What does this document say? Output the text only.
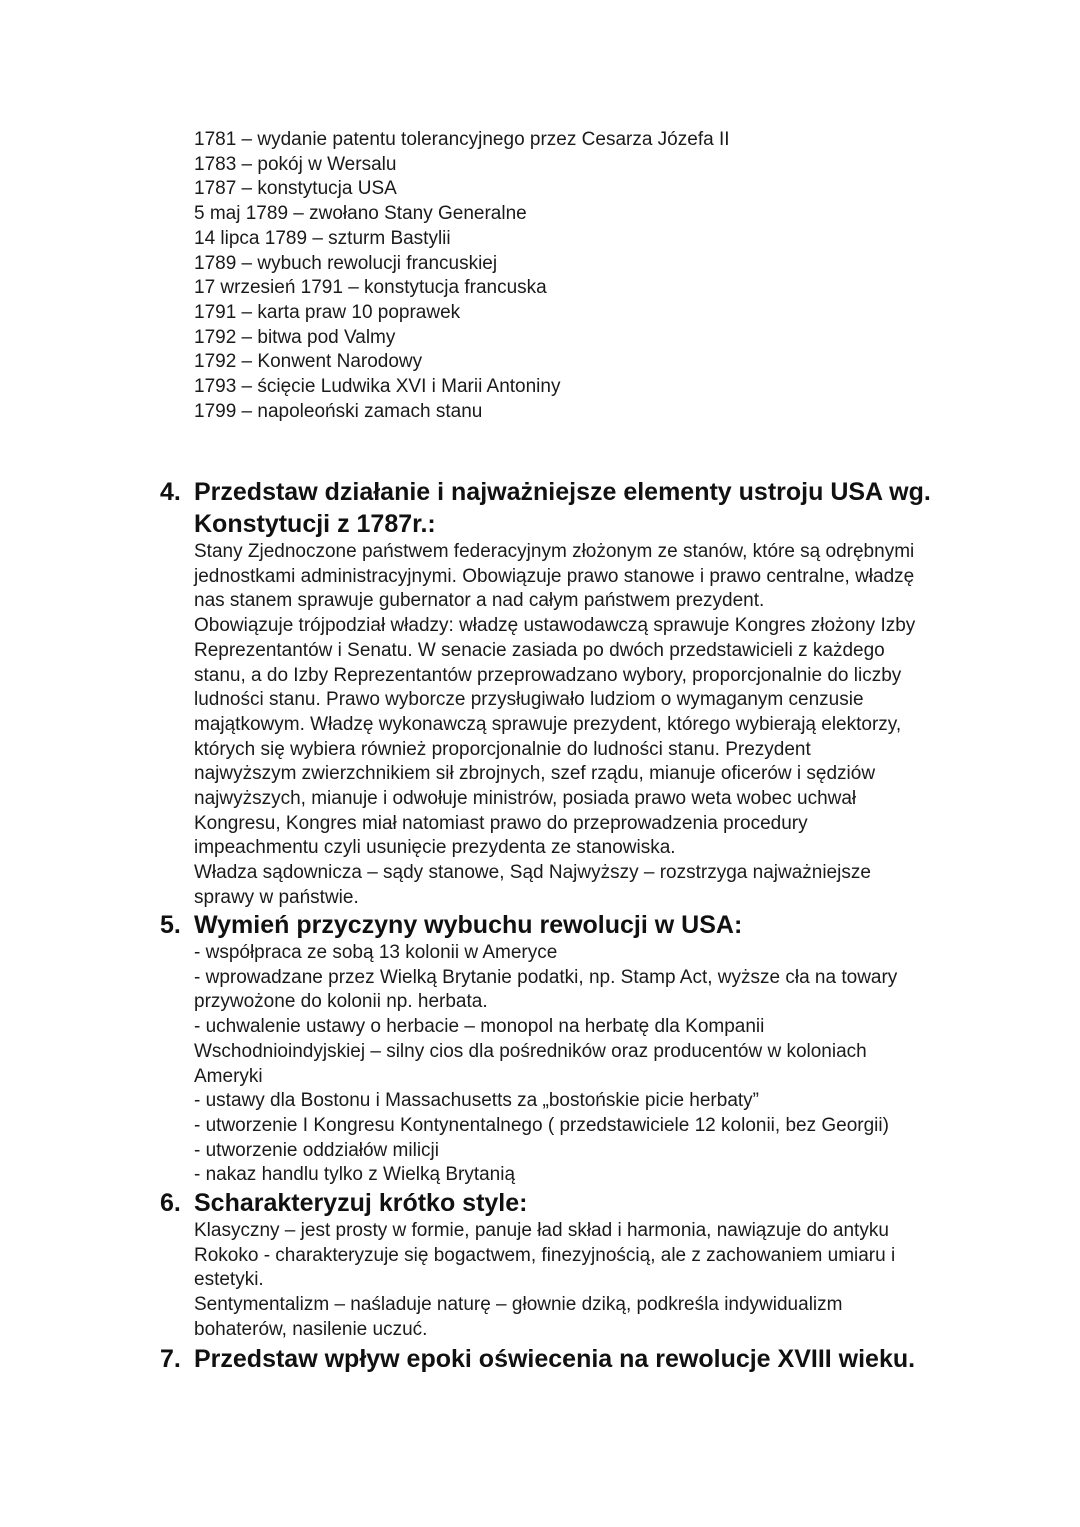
1781 – wydanie patentu tolerancyjnego przez Cesarza Józefa II
1783 – pokój w Wersalu
1787 – konstytucja USA
5 maj 1789 – zwołano Stany Generalne
14 lipca 1789 – szturm Bastylii
1789 – wybuch rewolucji francuskiej
17 wrzesień 1791 – konstytucja francuska
1791 – karta praw 10 poprawek
1792 – bitwa pod Valmy
1792 – Konwent Narodowy
1793 – ścięcie Ludwika XVI i Marii Antoniny
1799 – napoleoński zamach stanu
4. Przedstaw działanie i najważniejsze elementy ustroju USA wg.
Konstytucji z 1787r.:
Stany Zjednoczone państwem federacyjnym złożonym ze stanów, które są odrębnymi
jednostkami administracyjnymi. Obowiązuje prawo stanowe i prawo centralne, władzę
nas stanem sprawuje gubernator a nad całym państwem prezydent.
Obowiązuje trójpodział władzy: władzę ustawodawczą sprawuje Kongres złożony Izby
Reprezentantów i Senatu. W senacie zasiada po dwóch przedstawicieli z każdego
stanu, a do Izby Reprezentantów przeprowadzano wybory, proporcjonalnie do liczby
ludności stanu. Prawo wyborcze przysługiwało ludziom o wymaganym cenzusie
majątkowym. Władzę wykonawczą sprawuje prezydent, którego wybierają elektorzy,
których się wybiera również proporcjonalnie do ludności stanu. Prezydent
najwyższym zwierzchnikiem sił zbrojnych, szef rządu, mianuje oficerów i sędziów
najwyższych, mianuje i odwołuje ministrów, posiada prawo weta wobec uchwał
Kongresu, Kongres miał natomiast prawo do przeprowadzenia procedury
impeachmentu czyli usunięcie prezydenta ze stanowiska.
Władza sądownicza – sądy stanowe, Sąd Najwyższy – rozstrzyga najważniejsze
sprawy w państwie.
5. Wymień przyczyny wybuchu rewolucji w USA:
- współpraca ze sobą 13 kolonii w Ameryce
- wprowadzane przez Wielką Brytanie podatki, np. Stamp Act, wyższe cła na towary
przywożone do kolonii np. herbata.
- uchwalenie ustawy o herbacie – monopol na herbatę dla Kompanii
Wschodnioindyjskiej – silny cios dla pośredników oraz producentów w koloniach
Ameryki
- ustawy dla Bostonu i Massachusetts za „bostońskie picie herbaty”
- utworzenie I Kongresu Kontynentalnego ( przedstawiciele 12 kolonii, bez Georgii)
- utworzenie oddziałów milicji
- nakaz handlu tylko z Wielką Brytanią
6. Scharakteryzuj krótko style:
Klasyczny – jest prosty w formie, panuje ład skład i harmonia, nawiązuje do antyku
Rokoko - charakteryzuje się bogactwem, finezyjnością, ale z zachowaniem umiaru i
estetyki.
Sentymentalizm – naśladuje naturę – głownie dziką, podkreśla indywidualizm
bohaterów, nasilenie uczuć.
7. Przedstaw wpływ epoki oświecenia na rewolucje XVIII wieku.
